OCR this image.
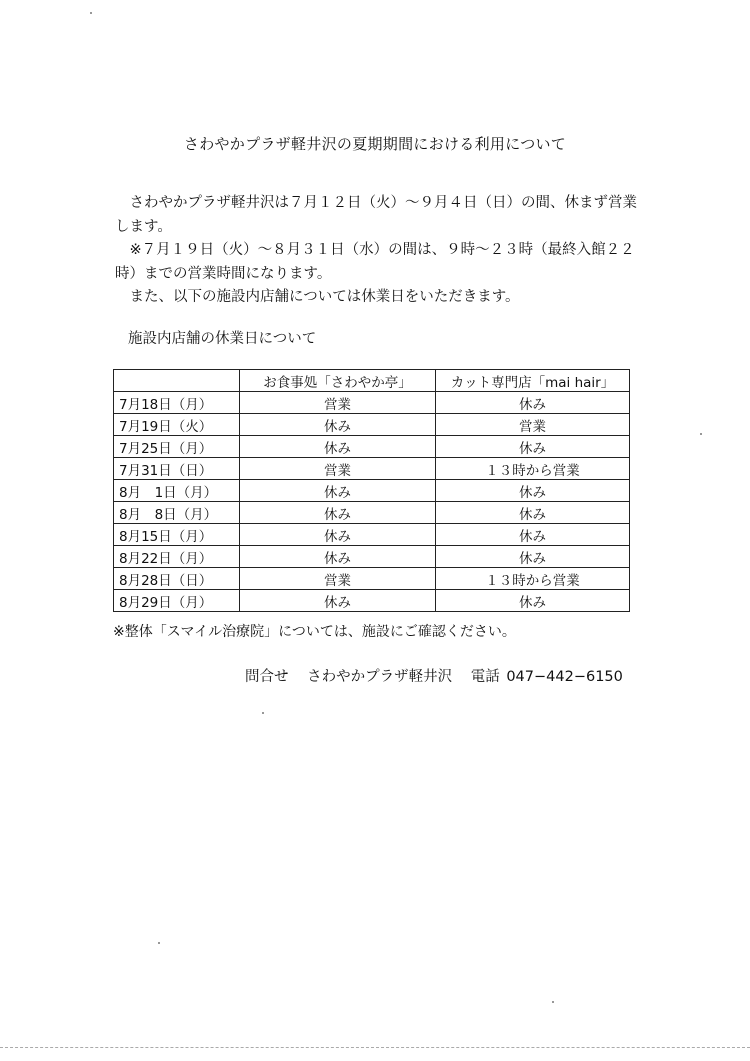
さわやかプラザ軽井沢の夏期期間における利用について

さわやかプラザ軽井沢は７月１２日（火）～９月４日（日）の間、休まず営業します。

※７月１９日（火）～８月３１日（水）の間は、９時～２３時（最終入館２２時）までの営業時間になります。

また、以下の施設内店舗については休業日をいただきます。

施設内店舗の休業日について
	お食事処「さわやか亭」	カット専門店「mai hair」
7月18日（月）	営業	休み
7月19日（火）	休み	営業
7月25日（月）	休み	休み
7月31日（日）	営業	１３時から営業
8月　1日（月）	休み	休み
8月　8日（月）	休み	休み
8月15日（月）	休み	休み
8月22日（月）	休み	休み
8月28日（日）	営業	１３時から営業
8月29日（月）	休み	休み
※整体「スマイル治療院」については、施設にご確認ください。
問合せ さわやかプラザ軽井沢 電話 047−442−6150
